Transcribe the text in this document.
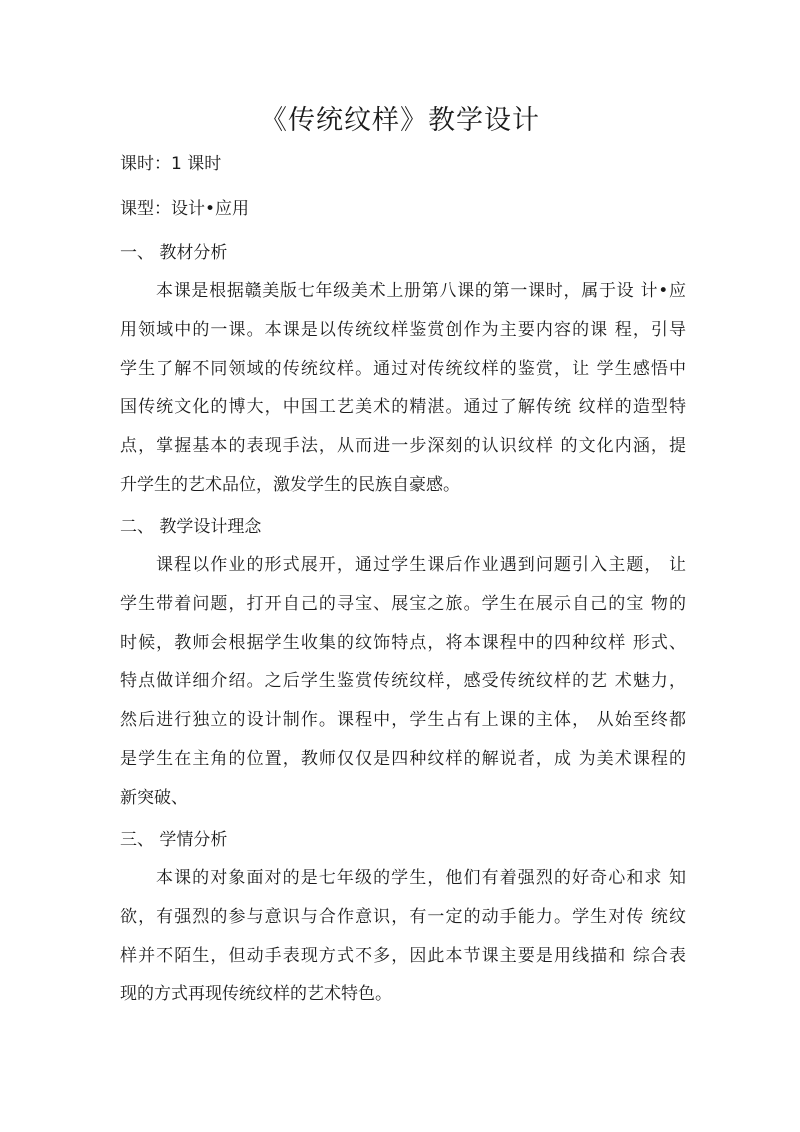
《传统纹样》教学设计
课时：1 课时
课型：设计•应用
一、 教材分析
本课是根据赣美版七年级美术上册第八课的第一课时，属于设 计•应
用领域中的一课。本课是以传统纹样鉴赏创作为主要内容的课 程，引导
学生了解不同领域的传统纹样。通过对传统纹样的鉴赏，让 学生感悟中
国传统文化的博大，中国工艺美术的精湛。通过了解传统 纹样的造型特
点，掌握基本的表现手法，从而进一步深刻的认识纹样 的文化内涵，提
升学生的艺术品位，激发学生的民族自豪感。
二、 教学设计理念
课程以作业的形式展开，通过学生课后作业遇到问题引入主题， 让
学生带着问题，打开自己的寻宝、展宝之旅。学生在展示自己的宝 物的
时候，教师会根据学生收集的纹饰特点，将本课程中的四种纹样 形式、
特点做详细介绍。之后学生鉴赏传统纹样，感受传统纹样的艺 术魅力，
然后进行独立的设计制作。课程中，学生占有上课的主体， 从始至终都
是学生在主角的位置，教师仅仅是四种纹样的解说者，成 为美术课程的
新突破、
三、 学情分析
本课的对象面对的是七年级的学生，他们有着强烈的好奇心和求 知
欲，有强烈的参与意识与合作意识，有一定的动手能力。学生对传 统纹
样并不陌生，但动手表现方式不多，因此本节课主要是用线描和 综合表
现的方式再现传统纹样的艺术特色。
